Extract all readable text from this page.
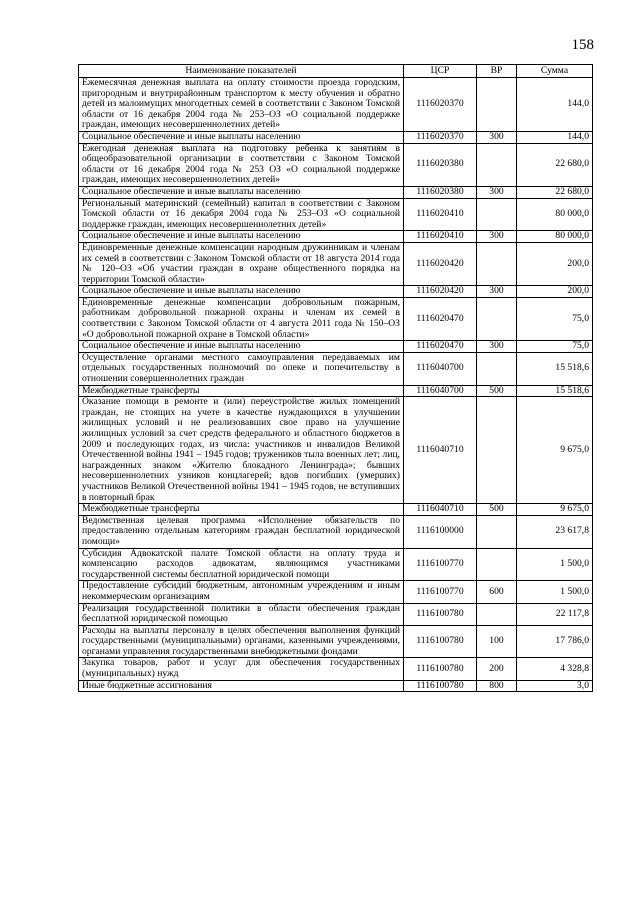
158
Наименование показателей	ЦСР	ВР	Сумма
Ежемесячная денежная выплата на оплату стоимости проезда городским, пригородным и внутрирайонным транспортом к месту обучения и обратно детей из малоимущих многодетных семей в соответствии с Законом Томской области от 16 декабря 2004 года № 253–ОЗ «О социальной поддержке граждан, имеющих несовершеннолетних детей»	1116020370		144,0
Социальное обеспечение и иные выплаты населению	1116020370	300	144,0
Ежегодная денежная выплата на подготовку ребенка к занятиям в общеобразовательной организации в соответствии с Законом Томской области от 16 декабря 2004 года № 253 ОЗ «О социальной поддержке граждан, имеющих несовершеннолетних детей»	1116020380		22 680,0
Социальное обеспечение и иные выплаты населению	1116020380	300	22 680,0
Региональный материнский (семейный) капитал в соответствии с Законом Томской области от 16 декабря 2004 года № 253–ОЗ «О социальной поддержке граждан, имеющих несовершеннолетних детей»	1116020410		80 000,0
Социальное обеспечение и иные выплаты населению	1116020410	300	80 000,0
Единовременные денежные компенсации народным дружинникам и членам их семей в соответствии с Законом Томской области от 18 августа 2014 года № 120–ОЗ «Об участии граждан в охране общественного порядка на территории Томской области»	1116020420		200,0
Социальное обеспечение и иные выплаты населению	1116020420	300	200,0
Единовременные денежные компенсации добровольным пожарным, работникам добровольной пожарной охраны и членам их семей в соответствии с Законом Томской области от 4 августа 2011 года № 150–ОЗ «О добровольной пожарной охране в Томской области»	1116020470		75,0
Социальное обеспечение и иные выплаты населению	1116020470	300	75,0
Осуществление органами местного самоуправления передаваемых им отдельных государственных полномочий по опеке и попечительству в отношении совершеннолетних граждан	1116040700		15 518,6
Межбюджетные трансферты	1116040700	500	15 518,6
Оказание помощи в ремонте и (или) переустройстве жилых помещений граждан, не стоящих на учете в качестве нуждающихся в улучшении жилищных условий и не реализовавших свое право на улучшение жилищных условий за счет средств федерального и областного бюджетов в 2009 и последующих годах, из числа: участников и инвалидов Великой Отечественной войны 1941 – 1945 годов; тружеников тыла военных лет; лиц, награжденных знаком «Жителю блокадного Ленинграда»; бывших несовершеннолетних узников концлагерей; вдов погибших (умерших) участников Великой Отечественной войны 1941 – 1945 годов, не вступивших в повторный брак	1116040710		9 675,0
Межбюджетные трансферты	1116040710	500	9 675,0
Ведомственная целевая программа «Исполнение обязательств по предоставлению отдельным категориям граждан бесплатной юридической помощи»	1116100000		23 617,8
Субсидия Адвокатской палате Томской области на оплату труда и компенсацию расходов адвокатам, являющимся участниками государственной системы бесплатной юридической помощи	1116100770		1 500,0
Предоставление субсидий бюджетным, автономным учреждениям и иным некоммерческим организациям	1116100770	600	1 500,0
Реализация государственной политики в области обеспечения граждан бесплатной юридической помощью	1116100780		22 117,8
Расходы на выплаты персоналу в целях обеспечения выполнения функций государственными (муниципальными) органами, казенными учреждениями, органами управления государственными внебюджетными фондами	1116100780	100	17 786,0
Закупка товаров, работ и услуг для обеспечения государственных (муниципальных) нужд	1116100780	200	4 328,8
Иные бюджетные ассигнования	1116100780	800	3,0
